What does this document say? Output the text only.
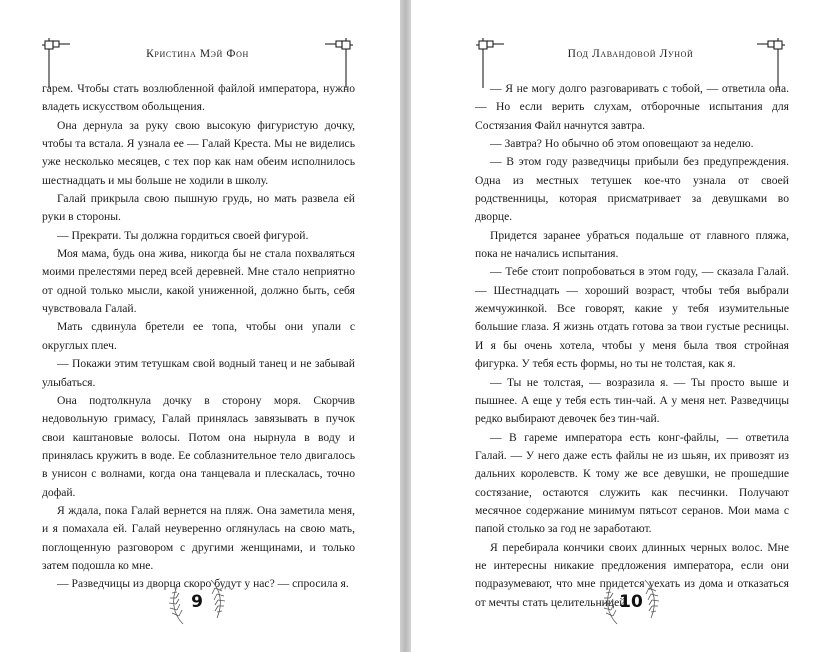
Кристина Мэй Фон

гарем. Чтобы стать возлюбленной файлой императора, нужно владеть искусством обольщения.

Она дернула за руку свою высокую фигуристую дочку, чтобы та встала. Я узнала ее — Галай Креста. Мы не виделись уже несколько месяцев, с тех пор как нам обеим исполнилось шестнадцать и мы больше не ходили в школу.

Галай прикрыла свою пышную грудь, но мать развела ей руки в стороны.

— Прекрати. Ты должна гордиться своей фигурой.

Моя мама, будь она жива, никогда бы не стала похваляться моими прелестями перед всей деревней. Мне стало неприятно от одной только мысли, какой униженной, должно быть, себя чувствовала Галай.

Мать сдвинула бретели ее топа, чтобы они упали с округлых плеч.

— Покажи этим тетушкам свой водный танец и не забывай улыбаться.

Она подтолкнула дочку в сторону моря. Скорчив недовольную гримасу, Галай принялась завязывать в пучок свои каштановые волосы. Потом она нырнула в воду и принялась кружить в воде. Ее соблазнительное тело двигалось в унисон с волнами, когда она танцевала и плескалась, точно дофай.

Я ждала, пока Галай вернется на пляж. Она заметила меня, и я помахала ей. Галай неуверенно оглянулась на свою мать, поглощенную разговором с другими женщинами, и только затем подошла ко мне.

— Разведчицы из дворца скоро будут у нас? — спросила я.

9
Под Лавандовой Луной

— Я не могу долго разговаривать с тобой, — ответила она. — Но если верить слухам, отборочные испытания для Состязания Файл начнутся завтра.

— Завтра? Но обычно об этом оповещают за неделю.

— В этом году разведчицы прибыли без предупреждения. Одна из местных тетушек кое-что узнала от своей родственницы, которая присматривает за девушками во дворце.

Придется заранее убраться подальше от главного пляжа, пока не начались испытания.

— Тебе стоит попробоваться в этом году, — сказала Галай. — Шестнадцать — хороший возраст, чтобы тебя выбрали жемчужинкой. Все говорят, какие у тебя изумительные большие глаза. Я жизнь отдать готова за твои густые ресницы. И я бы очень хотела, чтобы у меня была твоя стройная фигурка. У тебя есть формы, но ты не толстая, как я.

— Ты не толстая, — возразила я. — Ты просто выше и пышнее. А еще у тебя есть тин-чай. А у меня нет. Разведчицы редко выбирают девочек без тин-чай.

— В гареме императора есть конг-файлы, — ответила Галай. — У него даже есть файлы не из шьян, их привозят из дальних королевств. К тому же все девушки, не прошедшие состязание, остаются служить как песчинки. Получают месячное содержание минимум пятьсот серанов. Мои мама с папой столько за год не заработают.

Я перебирала кончики своих длинных черных волос. Мне не интересны никакие предложения императора, если они подразумевают, что мне придется уехать из дома и отказаться от мечты стать целительницей.

10
